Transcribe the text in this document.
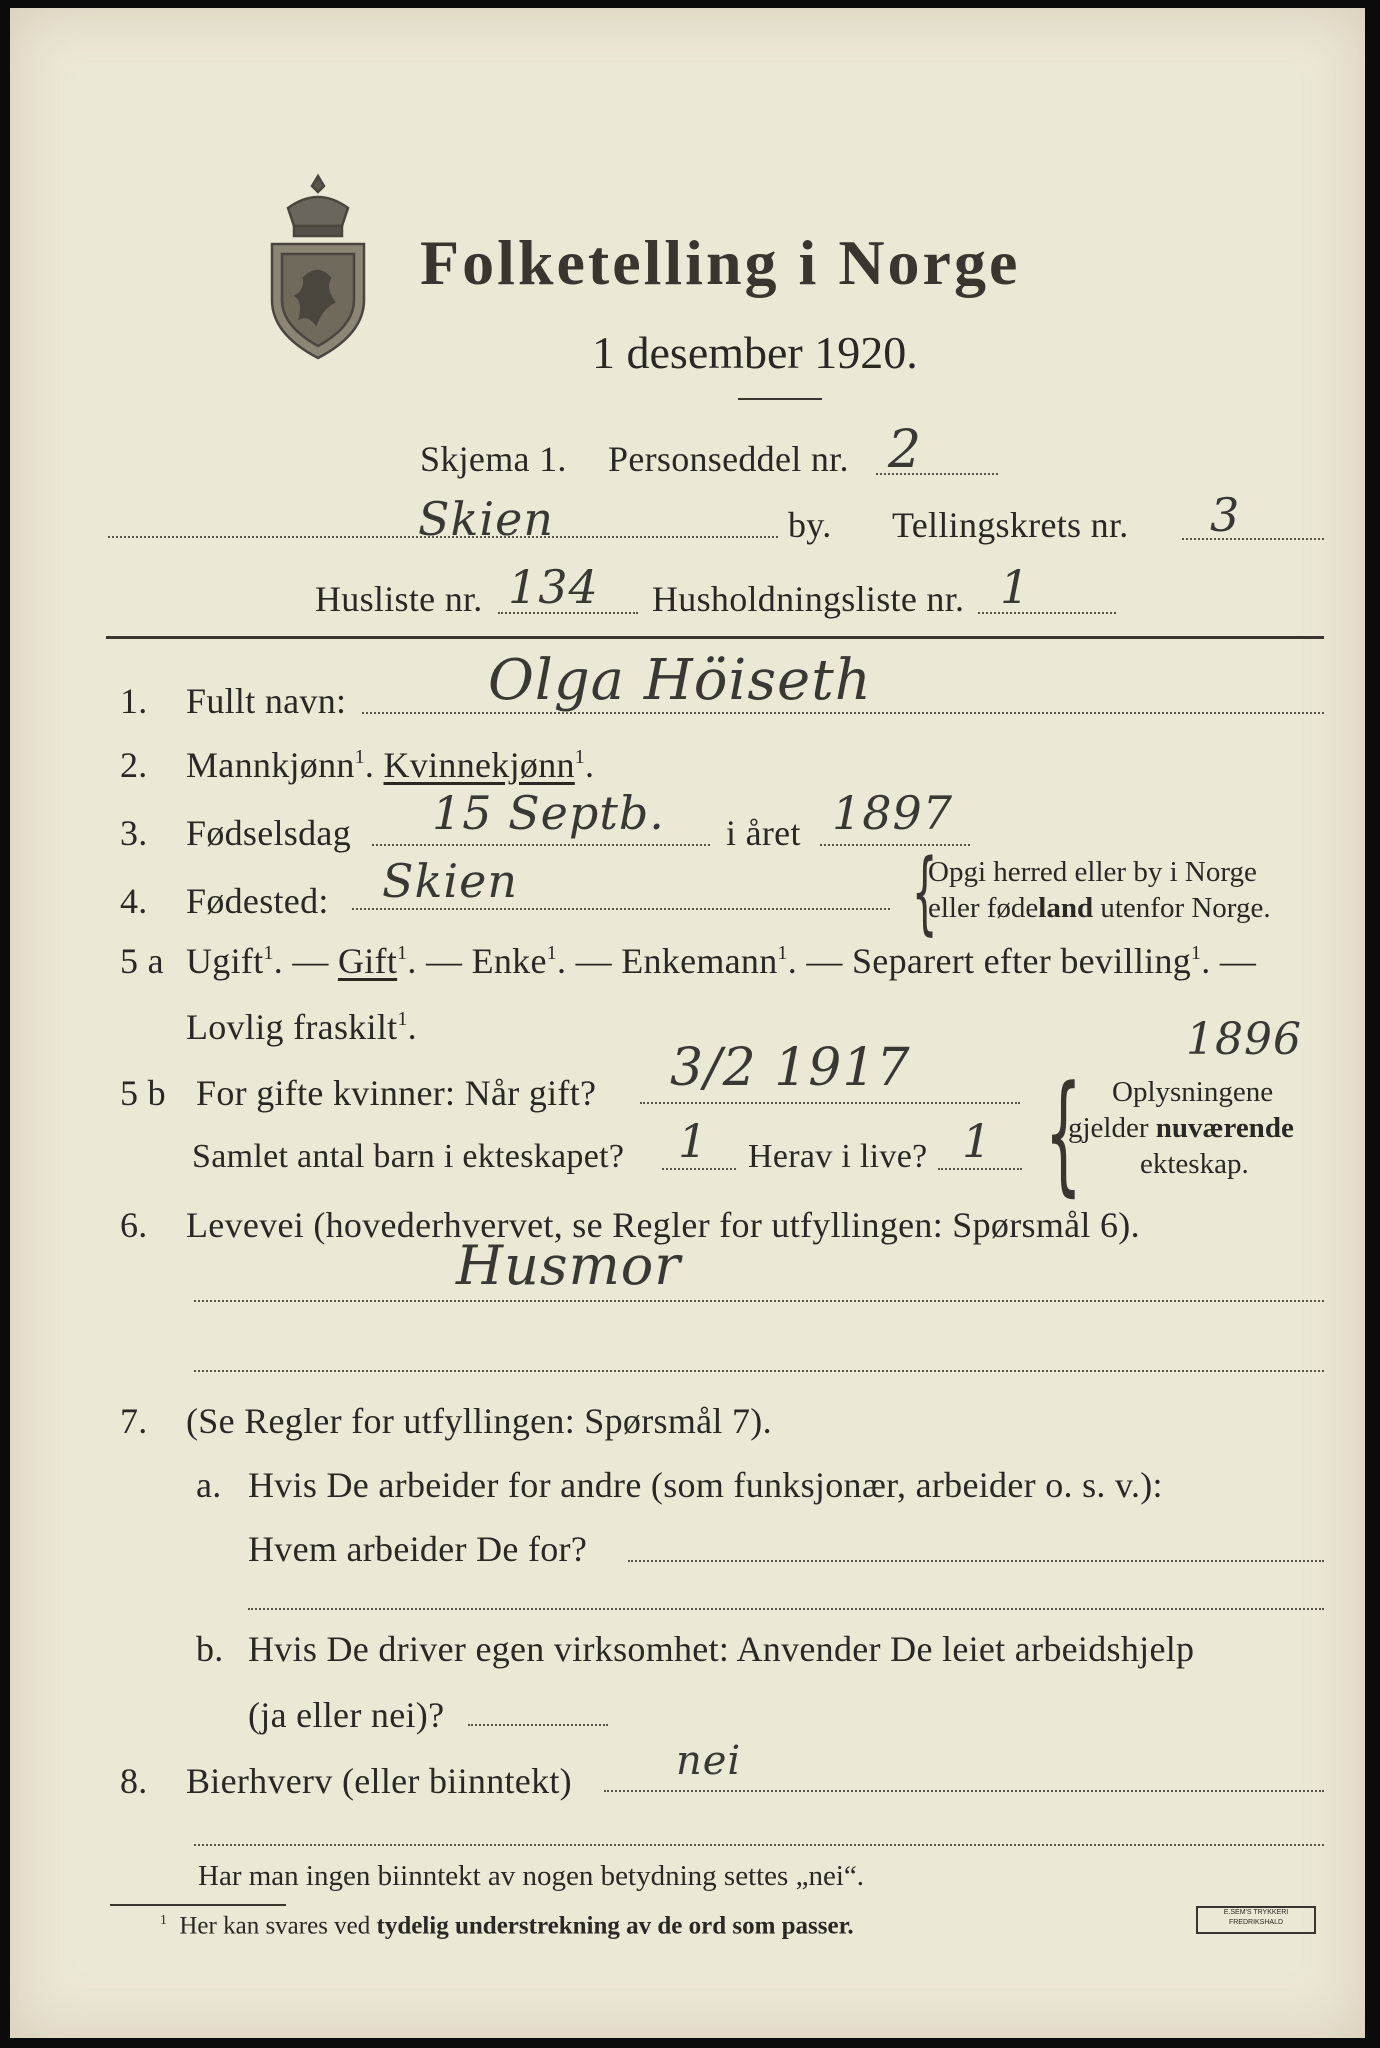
Folketelling i Norge
1 desember 1920.
Skjema 1. Personseddel nr. 2
Skien	by. Tellingskrets nr. 3
Husliste nr. 134 Husholdningsliste nr. 1
1. Fullt navn:	Olga Höiseth
2. Mannkjønn$^1$. Kvinnekjønn$^1$.
3. Fødselsdag 15 Septb. i året 1897
4. Fødested: Skien	{
Opgi herred eller by i Norge
eller fødeland utenfor Norge.
5 a Ugift$^1$. — Gift$^1$. — Enke$^1$. — Enkemann$^1$. — Separert efter bevilling$^1$. —
Lovlig fraskilt$^1$.	1896
5 b For gifte kvinner: Når gift? 3/2 1917
Samlet antal barn i ekteskapet? 1 Herav i live? 1 { Oplysningene
gjelder nuværende
ekteskap.
6. Levevei (hovederhvervet, se Regler for utfyllingen: Spørsmål 6).
Husmor
7. (Se Regler for utfyllingen: Spørsmål 7).
a. Hvis De arbeider for andre (som funksjonær, arbeider o. s. v.):
Hvem arbeider De for?
b. Hvis De driver egen virksomhet: Anvender De leiet arbeidshjelp
(ja eller nei)?
8. Bierhverv (eller biinntekt)	nei
Har man ingen biinntekt av nogen betydning settes „nei“.
$^1$ Her kan svares ved tydelig understrekning av de ord som passer.
E.SEM'S TRYKKERI
FREDRIKSHALD
